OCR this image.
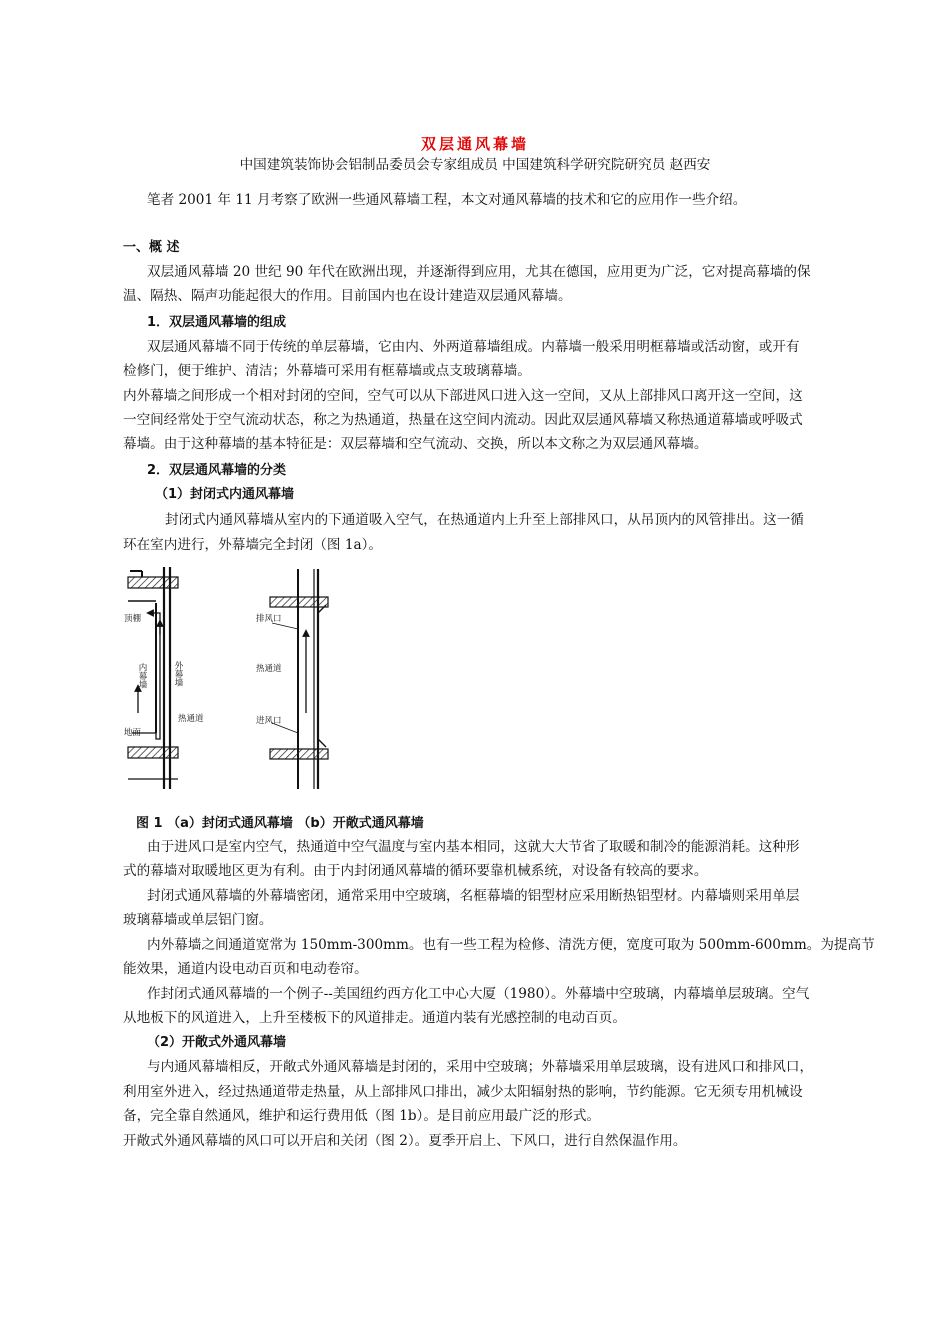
双层通风幕墙
中国建筑装饰协会铝制品委员会专家组成员 中国建筑科学研究院研究员 赵西安
笔者 2001 年 11 月考察了欧洲一些通风幕墙工程，本文对通风幕墙的技术和它的应用作一些介绍。
一、概 述
双层通风幕墙 20 世纪 90 年代在欧洲出现，并逐渐得到应用，尤其在德国，应用更为广泛，它对提高幕墙的保
温、隔热、隔声功能起很大的作用。目前国内也在设计建造双层通风幕墙。
1．双层通风幕墙的组成
双层通风幕墙不同于传统的单层幕墙，它由内、外两道幕墙组成。内幕墙一般采用明框幕墙或活动窗，或开有
检修门，便于维护、清洁；外幕墙可采用有框幕墙或点支玻璃幕墙。
内外幕墙之间形成一个相对封闭的空间，空气可以从下部进风口进入这一空间，又从上部排风口离开这一空间，这
一空间经常处于空气流动状态，称之为热通道，热量在这空间内流动。因此双层通风幕墙又称热通道幕墙或呼吸式
幕墙。由于这种幕墙的基本特征是：双层幕墙和空气流动、交换，所以本文称之为双层通风幕墙。
2．双层通风幕墙的分类
（1）封闭式内通风幕墙
封闭式内通风幕墙从室内的下通道吸入空气，在热通道内上升至上部排风口，从吊顶内的风管排出。这一循
环在室内进行，外幕墙完全封闭（图 1a）。
顶棚
内幕墙	外幕墙
热通道
地面
排风口
热通道
进风口
图 1 （a）封闭式通风幕墙 （b）开敞式通风幕墙
由于进风口是室内空气，热通道中空气温度与室内基本相同，这就大大节省了取暖和制冷的能源消耗。这种形
式的幕墙对取暖地区更为有利。由于内封闭通风幕墙的循环要靠机械系统，对设备有较高的要求。
封闭式通风幕墙的外幕墙密闭，通常采用中空玻璃，名框幕墙的铝型材应采用断热铝型材。内幕墙则采用单层
玻璃幕墙或单层铝门窗。
内外幕墙之间通道宽常为 150mm-300mm。也有一些工程为检修、清洗方便，宽度可取为 500mm-600mm。为提高节
能效果，通道内设电动百页和电动卷帘。
作封闭式通风幕墙的一个例子--美国纽约西方化工中心大厦（1980）。外幕墙中空玻璃，内幕墙单层玻璃。空气
从地板下的风道进入，上升至楼板下的风道排走。通道内装有光感控制的电动百页。
（2）开敞式外通风幕墙
与内通风幕墙相反，开敞式外通风幕墙是封闭的，采用中空玻璃；外幕墙采用单层玻璃，设有进风口和排风口，
利用室外进入，经过热通道带走热量，从上部排风口排出，减少太阳辐射热的影响，节约能源。它无须专用机械设
备，完全靠自然通风，维护和运行费用低（图 1b）。是目前应用最广泛的形式。
开敞式外通风幕墙的风口可以开启和关闭（图 2）。夏季开启上、下风口，进行自然保温作用。
